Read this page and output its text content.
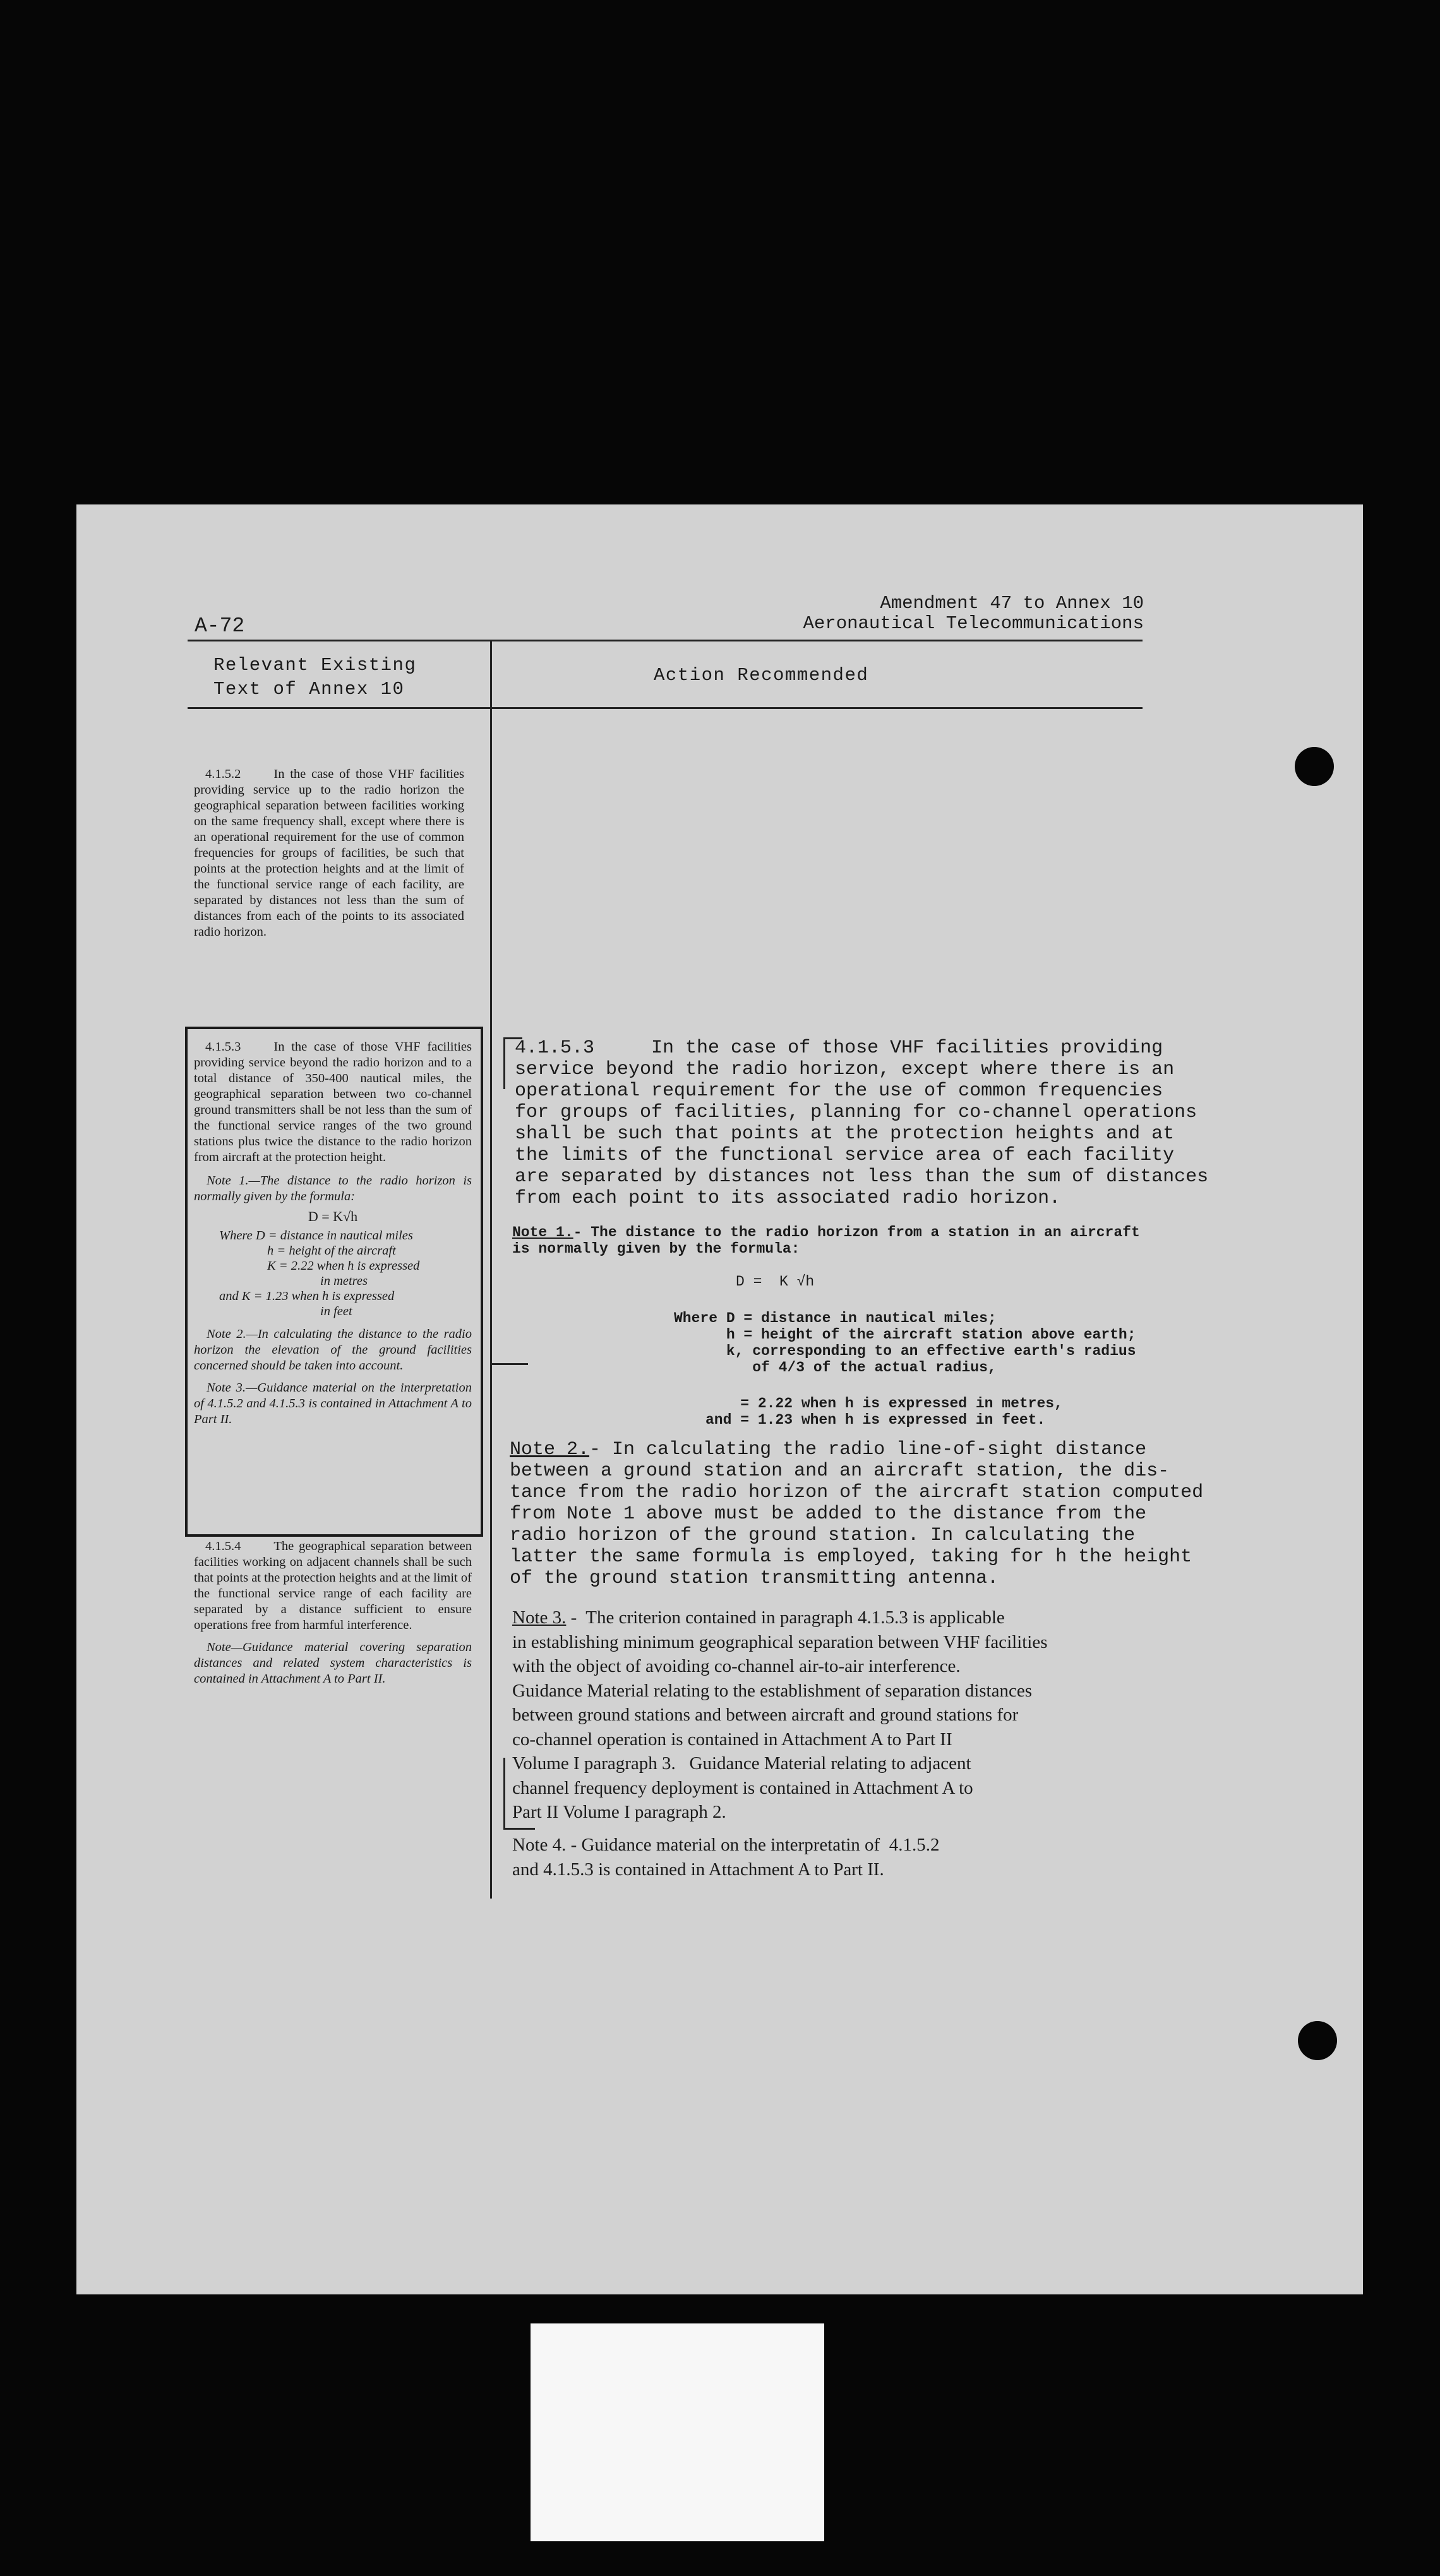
A-72
Amendment 47 to Annex 10
Aeronautical Telecommunications
Relevant Existing
Text of Annex 10
Action Recommended

4.1.5.2	In the case of those VHF facilities providing service up to the radio horizon the geographical separation between facilities working on the same frequency shall, except where there is an operational requirement for the use of common frequencies for groups of facilities, be such that points at the protection heights and at the limit of the functional service range of each facility, are separated by distances not less than the sum of distances from each of the points to its associated radio horizon.

4.1.5.3	In the case of those VHF facilities providing service beyond the radio horizon and to a total distance of 350-400 nautical miles, the geographical separation between two co-channel ground transmitters shall be not less than the sum of the functional service ranges of the two ground stations plus twice the distance to the radio horizon from aircraft at the protection height.

Note 1.—The distance to the radio horizon is normally given by the formula:

D = K√h

Where D = distance in nautical miles
h = height of the aircraft
K = 2.22 when h is expressed
in metres
and K = 1.23 when h is expressed
in feet

Note 2.—In calculating the distance to the radio horizon the elevation of the ground facilities concerned should be taken into account.

Note 3.—Guidance material on the interpretation of 4.1.5.2 and 4.1.5.3 is contained in Attachment A to Part II.

4.1.5.4	The geographical separation between facilities working on adjacent channels shall be such that points at the protection heights and at the limit of the functional service range of each facility are separated by a distance sufficient to ensure operations free from harmful interference.

Note—Guidance material covering separation distances and related system characteristics is contained in Attachment A to Part II.

4.1.5.3     In the case of those VHF facilities providing
service beyond the radio horizon, except where there is an
operational requirement for the use of common frequencies
for groups of facilities, planning for co-channel operations
shall be such that points at the protection heights and at
the limits of the functional service area of each facility
are separated by distances not less than the sum of distances
from each point to its associated radio horizon.
Note 1.- The distance to the radio horizon from a station in an aircraft
is normally given by the formula:
D =  K √h
Where D = distance in nautical miles;
h = height of the aircraft station above earth;
k, corresponding to an effective earth's radius
of 4/3 of the actual radius,
= 2.22 when h is expressed in metres,
and = 1.23 when h is expressed in feet.
Note 2.- In calculating the radio line-of-sight distance
between a ground station and an aircraft station, the dis-
tance from the radio horizon of the aircraft station computed
from Note 1 above must be added to the distance from the
radio horizon of the ground station. In calculating the
latter the same formula is employed, taking for h the height
of the ground station transmitting antenna.
Note 3. -  The criterion contained in paragraph 4.1.5.3 is applicable
in establishing minimum geographical separation between VHF facilities
with the object of avoiding co-channel air-to-air interference.
Guidance Material relating to the establishment of separation distances
between ground stations and between aircraft and ground stations for
co-channel operation is contained in Attachment A to Part II
Volume I paragraph 3.   Guidance Material relating to adjacent
channel frequency deployment is contained in Attachment A to
Part II Volume I paragraph 2.
Note 4. - Guidance material on the interpretatin of  4.1.5.2
and 4.1.5.3 is contained in Attachment A to Part II.
